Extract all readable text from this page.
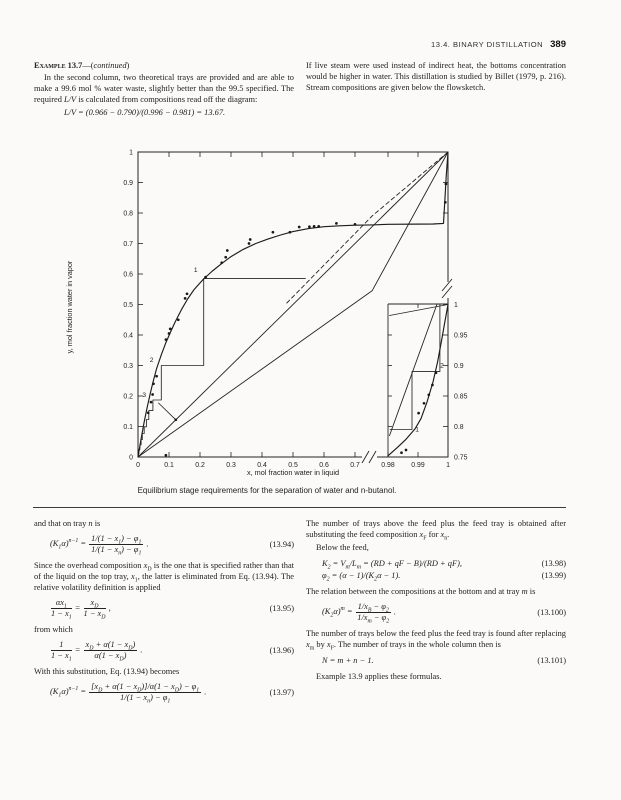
13.4. BINARY DISTILLATION 389

Example 13.7—(continued)

In the second column, two theoretical trays are provided and are able to make a 99.6 mol % water waste, slightly better than the 99.5 specified. The required L/V is calculated from compositions read off the diagram:

L/V = (0.966 − 0.790)/(0.996 − 0.981) = 13.67.

If live steam were used instead of indirect heat, the bottoms concentration would be higher in water. This distillation is studied by Billet (1979, p. 216). Stream compositions are given below the flowsketch.

0	0.1	0.2	0.3	0.4	0.5	0.6	0.7	0.98 0.99	1
0
0.1
0.2
0.3
0.4
0.5
0.6
0.7
0.8
0.9
1
0.75
0.8
0.85
0.9
0.95
1
x, mol fraction water in liquid
y, mol fraction water in vapor	1
2
3
1
2
Equilibrium stage requirements for the separation of water and n-butanol.

and that on tray n is

$(K_1\alpha)^{n-1} = \frac{1/(1 - x_1) - \varphi_1}{1/(1 - x_n) - \varphi_1}$ .	(13.94)

Since the overhead composition $x_D$ is the one that is specified rather than that of the liquid on the top tray, $x_1$, the latter is eliminated from Eq. (13.94). The relative volatility definition is applied

$\frac{\alpha x_1}{1 - x_1} = \frac{x_D}{1 - x_D}$ ,	(13.95)

from which

$\frac{1}{1 - x_1} = \frac{x_D + \alpha(1 - x_D)}{\alpha(1 - x_D)}$ .	(13.96)

With this substitution, Eq. (13.94) becomes

$(K_1\alpha)^{n-1} = \frac{[x_D + \alpha(1 - x_D)]/\alpha(1 - x_D) - \varphi_1}{1/(1 - x_n) - \varphi_1}$ .	(13.97)

The number of trays above the feed plus the feed tray is obtained after substituting the feed composition $x_F$ for $x_n$.

Below the feed,

$K_2 = V_m/L_m = (RD$ + qF − B)/(RD + qF),	(13.98)
$\varphi_2 = (\alpha - 1)/(K_2\alpha - 1)$.	(13.99)

The relation between the compositions at the bottom and at tray m is

$(K_2\alpha)^m = \frac{1/x_B - \varphi_2}{1/x_m - \varphi_2}$ .	(13.100)

The number of trays below the feed plus the feed tray is found after replacing $x_m$ by $x_F$. The number of trays in the whole column then is

N = m + n − 1.	(13.101)

Example 13.9 applies these formulas.
